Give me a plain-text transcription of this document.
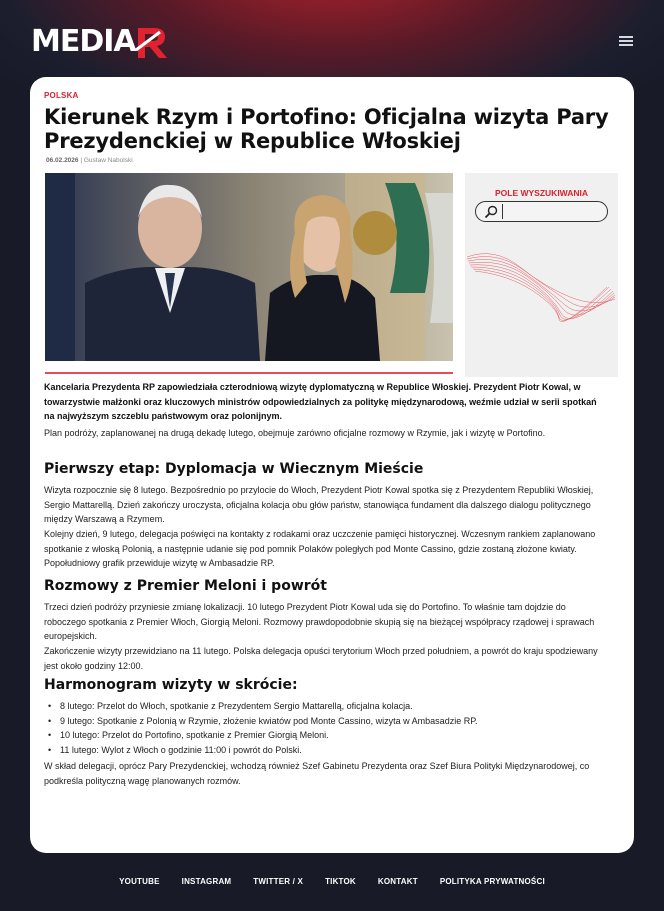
MEDIA
POLSKA
Kierunek Rzym i Portofino: Oficjalna wizyta Pary Prezydenckiej w Republice Włoskiej
06.02.2026 | Gustaw Nabolski
POLE WYSZUKIWANIA

Kancelaria Prezydenta RP zapowiedziała czterodniową wizytę dyplomatyczną w Republice Włoskiej. Prezydent Piotr Kowal, w towarzystwie małżonki oraz kluczowych ministrów odpowiedzialnych za politykę międzynarodową, weźmie udział w serii spotkań na najwyższym szczeblu państwowym oraz polonijnym.

Plan podróży, zaplanowanej na drugą dekadę lutego, obejmuje zarówno oficjalne rozmowy w Rzymie, jak i wizytę w Portofino.

Pierwszy etap: Dyplomacja w Wiecznym Mieście

Wizyta rozpocznie się 8 lutego. Bezpośrednio po przylocie do Włoch, Prezydent Piotr Kowal spotka się z Prezydentem Republiki Włoskiej, Sergio Mattarellą. Dzień zakończy uroczysta, oficjalna kolacja obu głów państw, stanowiąca fundament dla dalszego dialogu politycznego między Warszawą a Rzymem.

Kolejny dzień, 9 lutego, delegacja poświęci na kontakty z rodakami oraz uczczenie pamięci historycznej. Wczesnym rankiem zaplanowano spotkanie z włoską Polonią, a następnie udanie się pod pomnik Polaków poległych pod Monte Cassino, gdzie zostaną złożone kwiaty. Popołudniowy grafik przewiduje wizytę w Ambasadzie RP.

Rozmowy z Premier Meloni i powrót

Trzeci dzień podróży przyniesie zmianę lokalizacji. 10 lutego Prezydent Piotr Kowal uda się do Portofino. To właśnie tam dojdzie do roboczego spotkania z Premier Włoch, Giorgią Meloni. Rozmowy prawdopodobnie skupią się na bieżącej współpracy rządowej i sprawach europejskich.

Zakończenie wizyty przewidziano na 11 lutego. Polska delegacja opuści terytorium Włoch przed południem, a powrót do kraju spodziewany jest około godziny 12:00.

Harmonogram wizyty w skrócie:
• 8 lutego: Przelot do Włoch, spotkanie z Prezydentem Sergio Mattarellą, oficjalna kolacja.
• 9 lutego: Spotkanie z Polonią w Rzymie, złożenie kwiatów pod Monte Cassino, wizyta w Ambasadzie RP.
• 10 lutego: Przelot do Portofino, spotkanie z Premier Giorgią Meloni.
• 11 lutego: Wylot z Włoch o godzinie 11:00 i powrót do Polski.

W skład delegacji, oprócz Pary Prezydenckiej, wchodzą również Szef Gabinetu Prezydenta oraz Szef Biura Polityki Międzynarodowej, co podkreśla polityczną wagę planowanych rozmów.

YOUTUBE	INSTAGRAM	TWITTER / X	TIKTOK	KONTAKT	POLITYKA PRYWATNOŚCI
